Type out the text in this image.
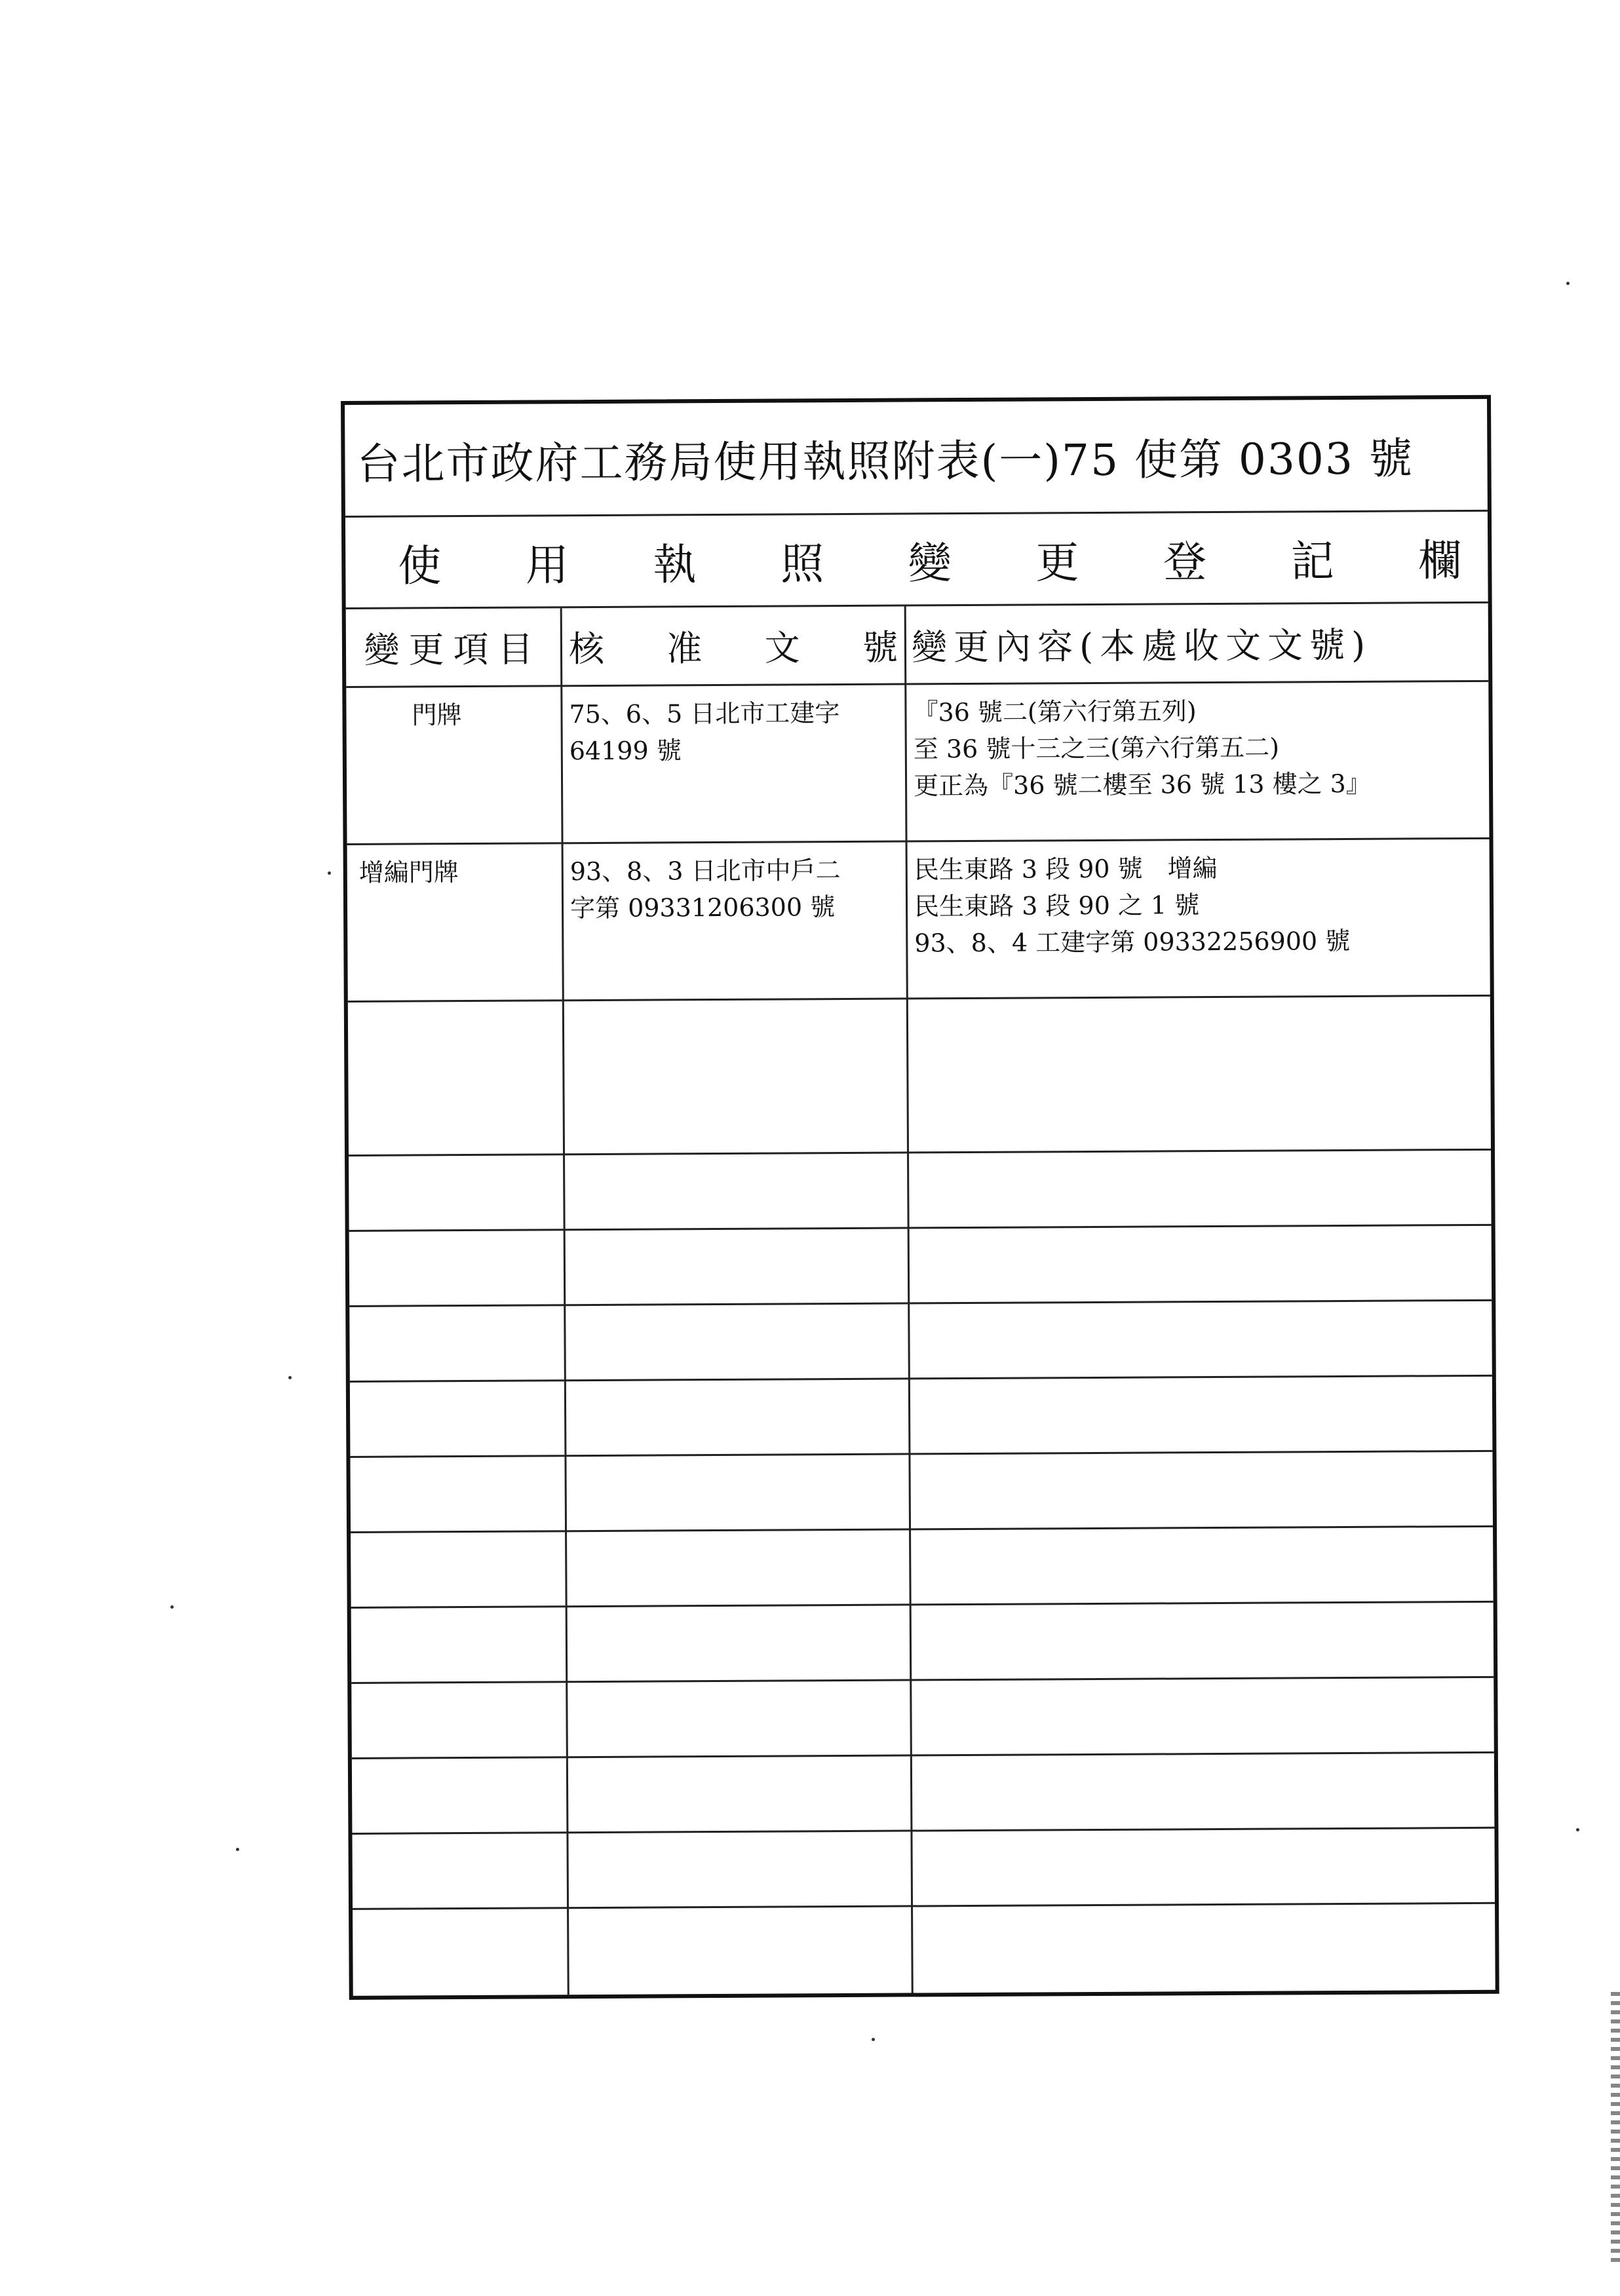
台北市政府工務局使用執照附表(一)75 使第 0303 號
使 用 執 照 變 更 登 記 欄
變更項目 核 准 文 號 變更內容(本處收文文號)
門牌	75、6、5 日北市工建字
64199 號
『36 號二(第六行第五列)
至 36 號十三之三(第六行第五二)
更正為『36 號二樓至 36 號 13 樓之 3』
增編門牌	93、8、3 日北市中戶二
字第 09331206300 號
民生東路 3 段 90 號　增編
民生東路 3 段 90 之 1 號
93、8、4 工建字第 09332256900 號
